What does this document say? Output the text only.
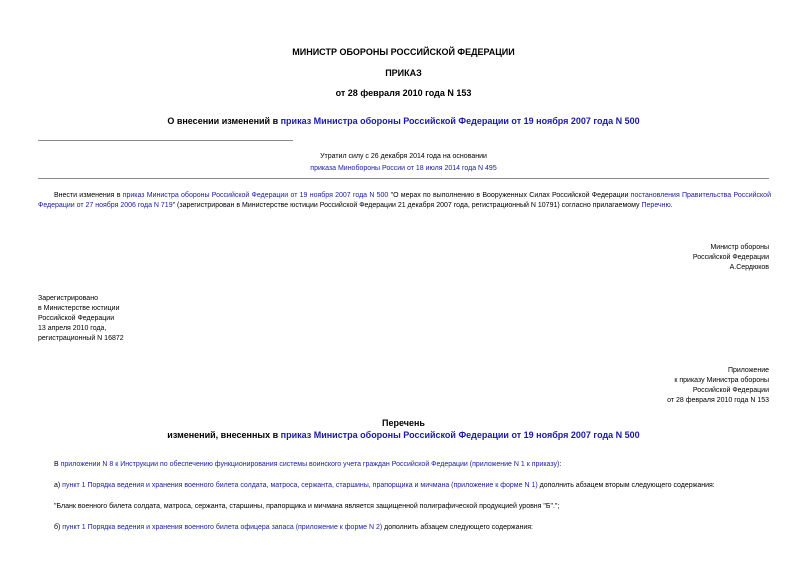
МИНИСТР ОБОРОНЫ РОССИЙСКОЙ ФЕДЕРАЦИИ
ПРИКАЗ
от 28 февраля 2010 года N 153
О внесении изменений в приказ Министра обороны Российской Федерации от 19 ноября 2007 года N 500
Утратил силу с 26 декабря 2014 года на основании
приказа Минобороны России от 18 июля 2014 года N 495
Внести изменения в приказ Министра обороны Российской Федерации от 19 ноября 2007 года N 500 "О мерах по выполнению в Вооруженных Силах Российской Федерации постановления Правительства Российской Федерации от 27 ноября 2006 года N 719" (зарегистрирован в Министерстве юстиции Российской Федерации 21 декабря 2007 года, регистрационный N 10791) согласно прилагаемому Перечню.
Министр обороны
Российской Федерации
А.Сердюков
Зарегистрировано
в Министерстве юстиции
Российской Федерации
13 апреля 2010 года,
регистрационный N 16872
Приложение
к приказу Министра обороны
Российской Федерации
от 28 февраля 2010 года N 153
Перечень
изменений, внесенных в приказ Министра обороны Российской Федерации от 19 ноября 2007 года N 500
В приложении N 8 к Инструкции по обеспечению функционирования системы воинского учета граждан Российской Федерации (приложение N 1 к приказу):
а) пункт 1 Порядка ведения и хранения военного билета солдата, матроса, сержанта, старшины, прапорщика и мичмана (приложение к форме N 1) дополнить абзацем вторым следующего содержания:
"Бланк военного билета солдата, матроса, сержанта, старшины, прапорщика и мичмана является защищенной полиграфической продукцией уровня "Б".";
б) пункт 1 Порядка ведения и хранения военного билета офицера запаса (приложение к форме N 2) дополнить абзацем следующего содержания:
